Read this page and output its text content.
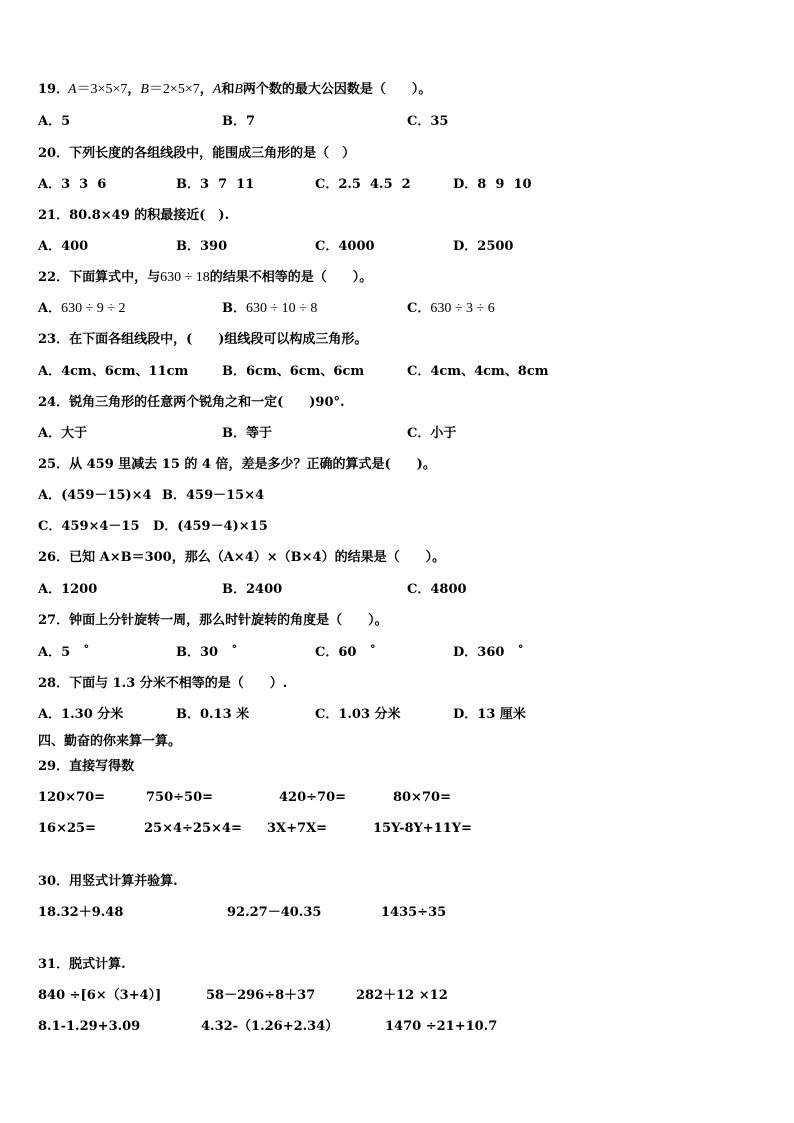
19．
A＝3×5×7，B＝2×5×7，A和B两个数的最大公因数是（　　）。
A．5	B．7	C．35
20．下列长度的各组线段中，能围成三角形的是（　）
A．3  3  6	B．3  7  11	C．2.5  4.5  2	D．8  9  10
21．80.8×49 的积最接近(　).
A．400	B．390	C．4000	D．2500
22．下面算式中，与630 ÷ 18的结果不相等的是（　　）。
A．630 ÷ 9 ÷ 2	B．630 ÷ 10 ÷ 8	C．630 ÷ 3 ÷ 6
23．在下面各组线段中，(　　)组线段可以构成三角形。
A．4cm、6cm、11cm	B．6cm、6cm、6cm	C．4cm、4cm、8cm
24．锐角三角形的任意两个锐角之和一定(　　)90°.
A．大于	B．等于	C．小于
25．从 459 里减去 15 的 4 倍，差是多少？正确的算式是(　　)。
A．(459－15)×4 B．459－15×4
C．459×4－15 D．(459－4)×15
26．已知 A×B＝300，那么（A×4）×（B×4）的结果是（　　）。
A．1200	B．2400	C．4800
27．钟面上分针旋转一周，那么时针旋转的角度是（　　）。
A．5　˚	B．30　˚	C．60　˚	D．360　˚
28．下面与 1.3 分米不相等的是（　　）.
A．1.30 分米	B．0.13 米	C．1.03 分米	D．13 厘米
四、勤奋的你来算一算。
29．直接写得数
120×70=	750÷50=	420÷70=	80×70=
16×25=	25×4÷25×4= 3X+7X=	15Y-8Y+11Y=
30．用竖式计算并验算.
18.32＋9.48	92.27－40.35	1435÷35
31．脱式计算.
840 ÷[6×（3+4）]	58－296÷8＋37	282＋12 ×12
8.1-1.29+3.09	4.32-（1.26+2.34）	1470 ÷21+10.7
